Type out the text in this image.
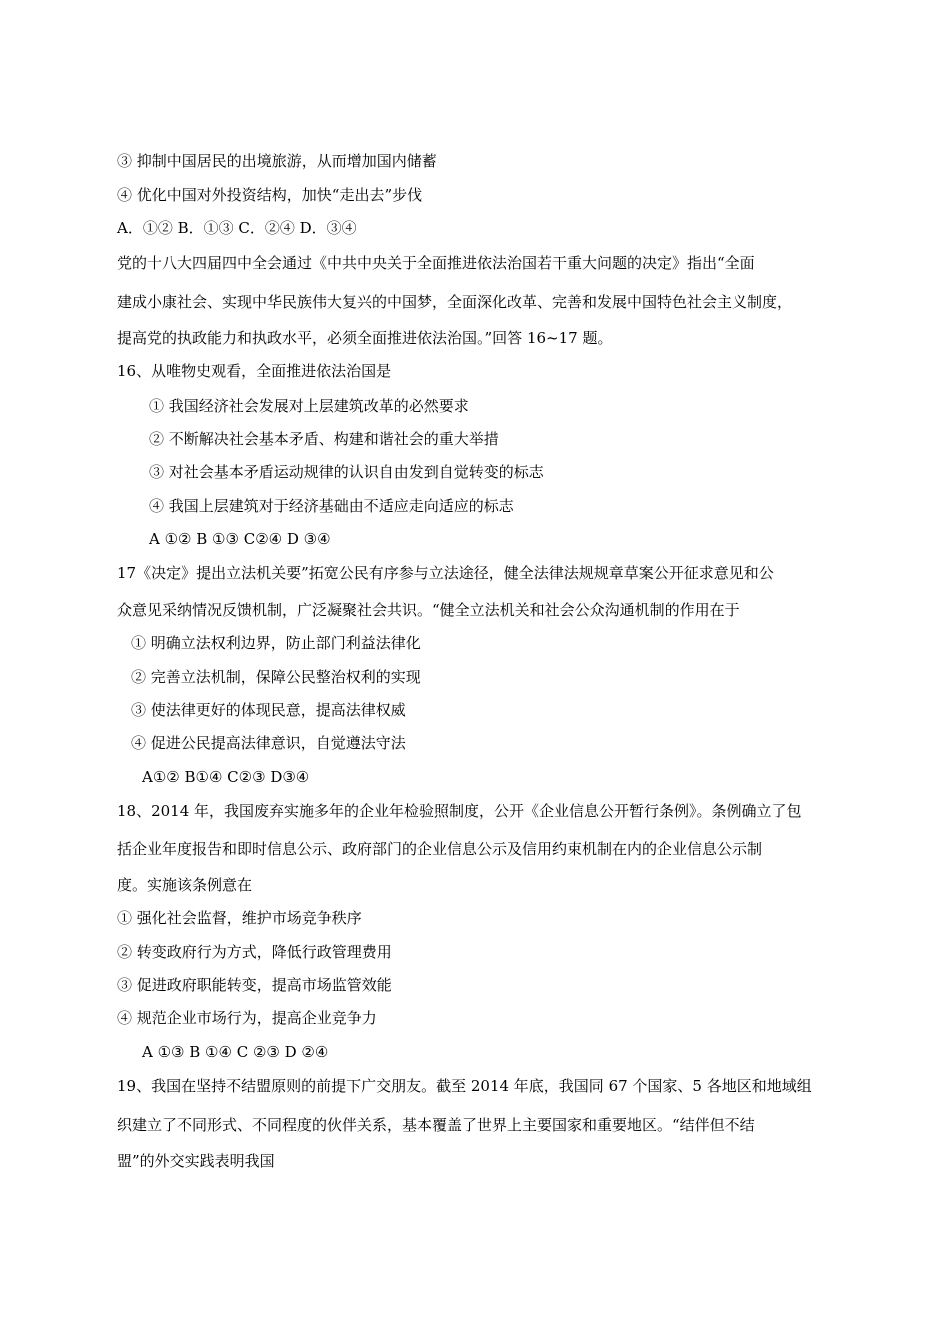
③ 抑制中国居民的出境旅游，从而增加国内储蓄
④ 优化中国对外投资结构，加快“走出去”步伐
A．①② B．①③ C．②④ D．③④
党的十八大四届四中全会通过《中共中央关于全面推进依法治国若干重大问题的决定》指出“全面
建成小康社会、实现中华民族伟大复兴的中国梦，全面深化改革、完善和发展中国特色社会主义制度，
提高党的执政能力和执政水平，必须全面推进依法治国。”回答 16~17 题。
16、从唯物史观看，全面推进依法治国是
① 我国经济社会发展对上层建筑改革的必然要求
② 不断解决社会基本矛盾、构建和谐社会的重大举措
③ 对社会基本矛盾运动规律的认识自由发到自觉转变的标志
④ 我国上层建筑对于经济基础由不适应走向适应的标志
A ①② B ①③ C②④ D ③④
17《决定》提出立法机关要”拓宽公民有序参与立法途径，健全法律法规规章草案公开征求意见和公
众意见采纳情况反馈机制，广泛凝聚社会共识。“健全立法机关和社会公众沟通机制的作用在于
① 明确立法权利边界，防止部门利益法律化
② 完善立法机制，保障公民整治权利的实现
③ 使法律更好的体现民意，提高法律权威
④ 促进公民提高法律意识，自觉遵法守法
A①② B①④ C②③ D③④
18、2014 年，我国废弃实施多年的企业年检验照制度，公开《企业信息公开暂行条例》。条例确立了包
括企业年度报告和即时信息公示、政府部门的企业信息公示及信用约束机制在内的企业信息公示制
度。实施该条例意在
① 强化社会监督，维护市场竞争秩序
② 转变政府行为方式，降低行政管理费用
③ 促进政府职能转变，提高市场监管效能
④ 规范企业市场行为，提高企业竞争力
A ①③ B ①④ C ②③ D ②④
19、我国在坚持不结盟原则的前提下广交朋友。截至 2014 年底，我国同 67 个国家、5 各地区和地域组
织建立了不同形式、不同程度的伙伴关系，基本覆盖了世界上主要国家和重要地区。“结伴但不结
盟”的外交实践表明我国
